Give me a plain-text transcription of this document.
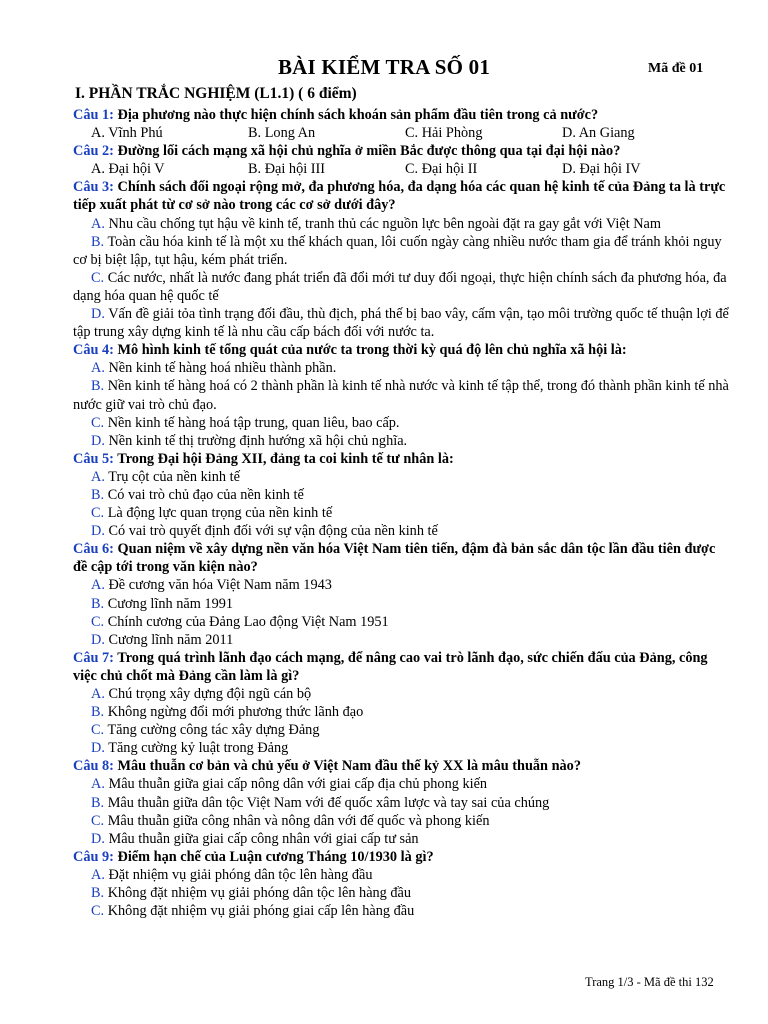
BÀI KIỂM TRA SỐ 01	Mã đề 01
I. PHẦN TRẮC NGHIỆM (L1.1) ( 6 điểm)
Câu 1: Địa phương nào thực hiện chính sách khoán sản phẩm đầu tiên trong cả nước?
A. Vĩnh Phú	B. Long An	C. Hải Phòng	D. An Giang
Câu 2: Đường lối cách mạng xã hội chủ nghĩa ở miền Bắc được thông qua tại đại hội nào?
A. Đại hội V	B. Đại hội III	C. Đại hội II	D. Đại hội IV
Câu 3: Chính sách đối ngoại rộng mở, đa phương hóa, đa dạng hóa các quan hệ kinh tế của Đảng ta là trực tiếp xuất phát từ cơ sở nào trong các cơ sở dưới đây?
A. Nhu cầu chống tụt hậu về kinh tế, tranh thủ các nguồn lực bên ngoài đặt ra gay gắt với Việt Nam
B. Toàn cầu hóa kinh tế là một xu thế khách quan, lôi cuốn ngày càng nhiều nước tham gia để tránh khỏi nguy cơ bị biệt lập, tụt hậu, kém phát triển.
C. Các nước, nhất là nước đang phát triển đã đổi mới tư duy đối ngoại, thực hiện chính sách đa phương hóa, đa dạng hóa quan hệ quốc tế
D. Vấn đề giải tỏa tình trạng đối đầu, thù địch, phá thế bị bao vây, cấm vận, tạo môi trường quốc tế thuận lợi để tập trung xây dựng kinh tế là nhu cầu cấp bách đối với nước ta.
Câu 4: Mô hình kinh tế tổng quát của nước ta trong thời kỳ quá độ lên chủ nghĩa xã hội là:
A. Nền kinh tế hàng hoá nhiều thành phần.
B. Nền kinh tế hàng hoá có 2 thành phần là kinh tế nhà nước và kinh tế tập thể, trong đó thành phần kinh tế nhà nước giữ vai trò chủ đạo.
C. Nền kinh tế hàng hoá tập trung, quan liêu, bao cấp.
D. Nền kinh tế thị trường định hướng xã hội chủ nghĩa.
Câu 5: Trong Đại hội Đảng XII, đảng ta coi kinh tế tư nhân là:
A. Trụ cột của nền kinh tế
B. Có vai trò chủ đạo của nền kinh tế
C. Là động lực quan trọng của nền kinh tế
D. Có vai trò quyết định đối với sự vận động của nền kinh tế
Câu 6: Quan niệm về xây dựng nền văn hóa Việt Nam tiên tiến, đậm đà bản sắc dân tộc lần đầu tiên được đề cập tới trong văn kiện nào?
A. Đề cương văn hóa Việt Nam năm 1943
B. Cương lĩnh năm 1991
C. Chính cương của Đảng Lao động Việt Nam 1951
D. Cương lĩnh năm 2011
Câu 7: Trong quá trình lãnh đạo cách mạng, để nâng cao vai trò lãnh đạo, sức chiến đấu của Đảng, công việc chủ chốt mà Đảng cần làm là gì?
A. Chú trọng xây dựng đội ngũ cán bộ
B. Không ngừng đổi mới phương thức lãnh đạo
C. Tăng cường công tác xây dựng Đảng
D. Tăng cường kỷ luật trong Đảng
Câu 8: Mâu thuẫn cơ bản và chủ yếu ở Việt Nam đầu thế kỷ XX là mâu thuẫn nào?
A. Mâu thuẫn giữa giai cấp nông dân với giai cấp địa chủ phong kiến
B. Mâu thuẫn giữa dân tộc Việt Nam với đế quốc xâm lược và tay sai của chúng
C. Mâu thuẫn giữa công nhân và nông dân với đế quốc và phong kiến
D. Mâu thuẫn giữa giai cấp công nhân với giai cấp tư sản
Câu 9: Điểm hạn chế của Luận cương Tháng 10/1930 là gì?
A. Đặt nhiệm vụ giải phóng dân tộc lên hàng đầu
B. Không đặt nhiệm vụ giải phóng dân tộc lên hàng đầu
C. Không đặt nhiệm vụ giải phóng giai cấp lên hàng đầu
Trang 1/3 - Mã đề thi 132
